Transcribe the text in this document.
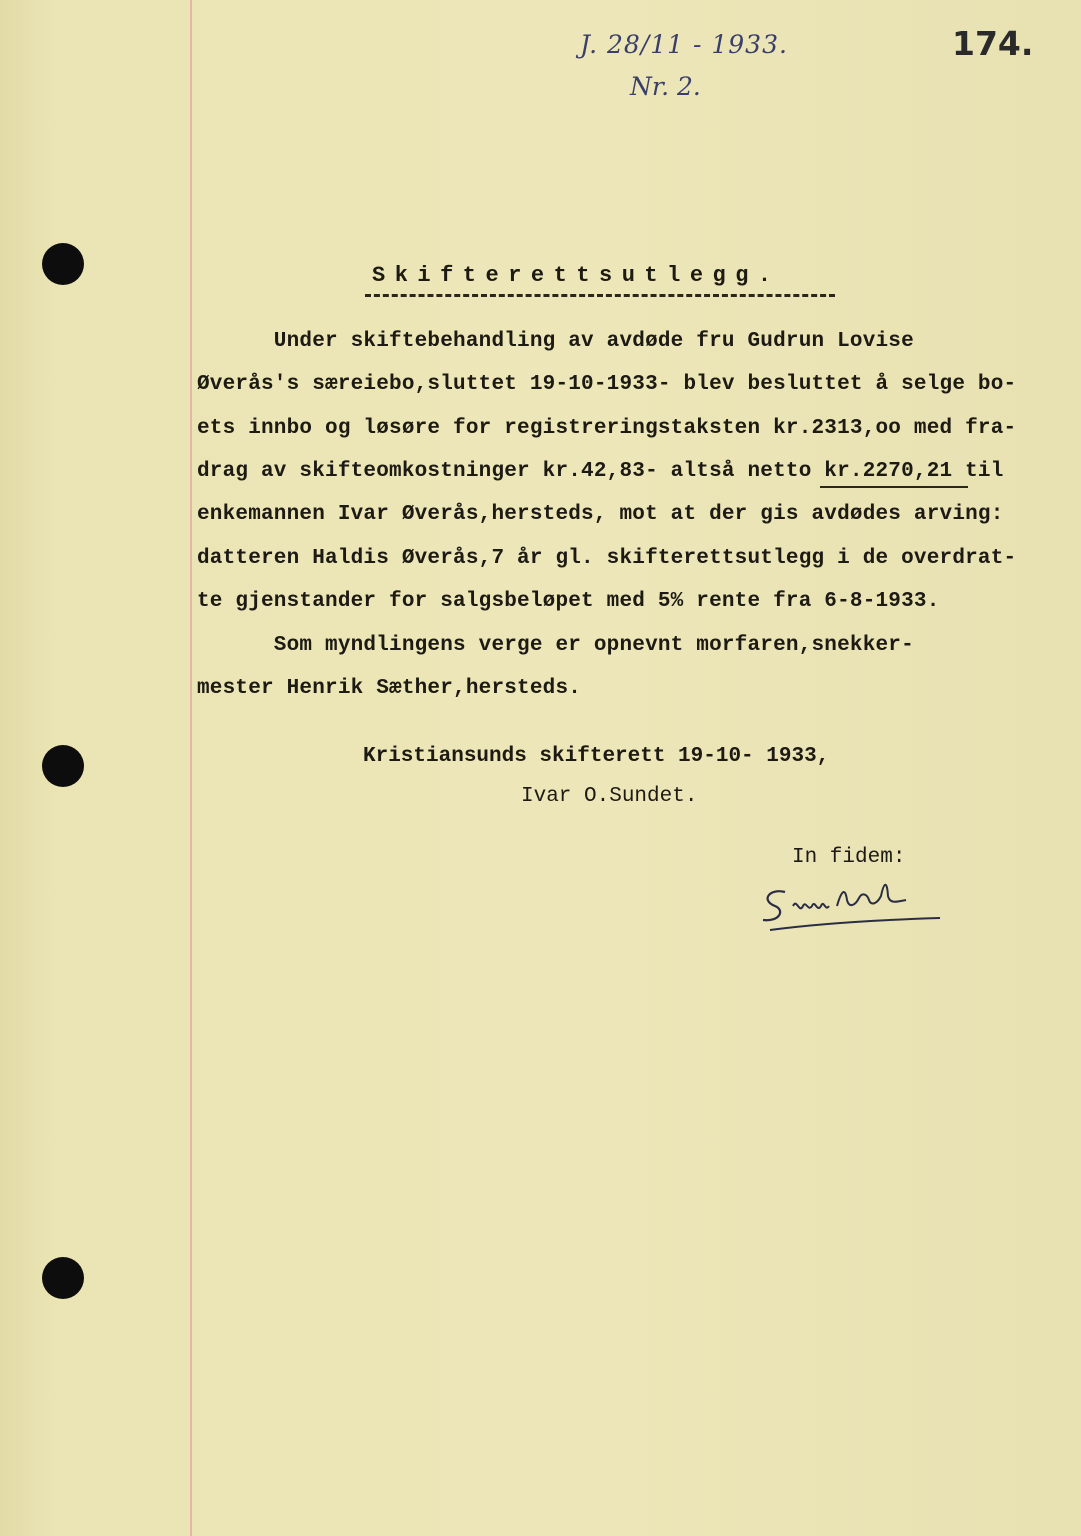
J. 28/11 - 1933.
Nr. 2.
174.
Skifterettsutlegg.
Under skiftebehandling av avdøde fru Gudrun Lovise
Øverås's særeiebo,sluttet 19-10-1933- blev besluttet å selge bo-
ets innbo og løsøre for registreringstaksten kr.2313,oo med fra-
drag av skifteomkostninger kr.42,83- altså netto kr.2270,21 til
enkemannen Ivar Øverås,hersteds, mot at der gis avdødes arving:
datteren Haldis Øverås,7 år gl. skifterettsutlegg i de overdrat-
te gjenstander for salgsbeløpet med 5% rente fra 6-8-1933.
Som myndlingens verge er opnevnt morfaren,snekker-
mester Henrik Sæther,hersteds.
Kristiansunds skifterett 19-10- 1933,
Ivar O.Sundet.
In fidem:
